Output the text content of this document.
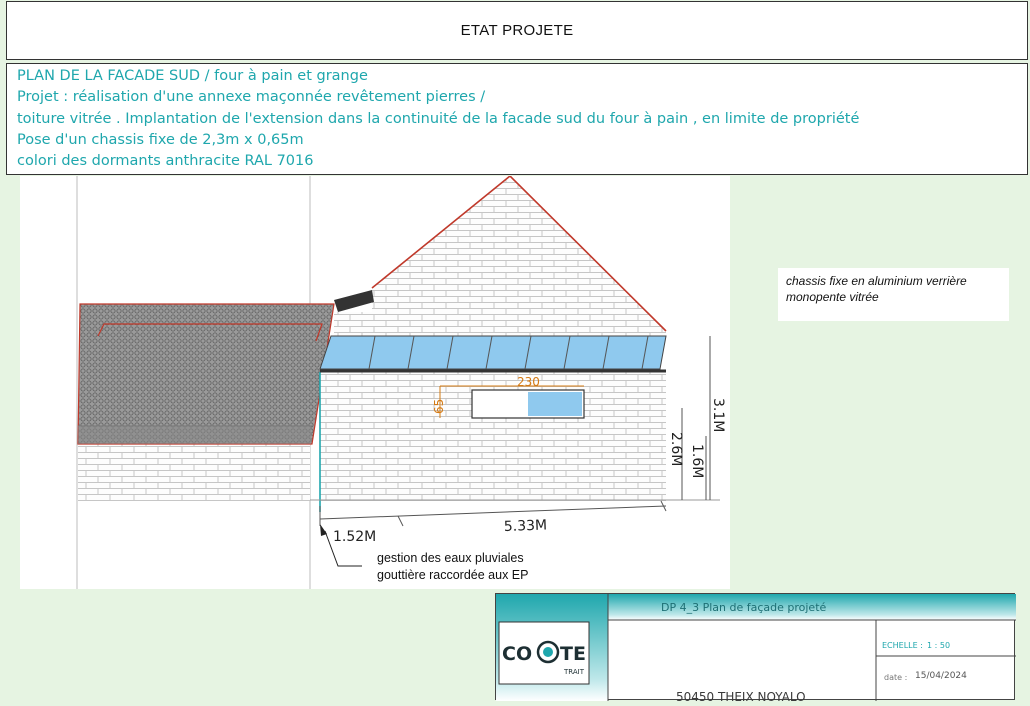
ETAT PROJETE
PLAN DE LA FACADE SUD / four à pain et grange
Projet : réalisation d'une annexe maçonnée revêtement pierres /
toiture vitrée . Implantation de l'extension dans la continuité de la facade sud du four à pain , en limite de propriété
Pose d'un chassis fixe de 2,3m x 0,65m
colori des dormants anthracite RAL 7016
230
65
1.52M
5.33M
2.6M 1.6M
3.1M
gestion des eaux pluviales
gouttière raccordée aux EP
chassis fixe en aluminium verrière
monopente vitrée
CO TE
TRAIT
DP 4_3 Plan de façade projeté
ECHELLE : 1 : 50
date : 15/04/2024
50450 THEIX NOYALO
